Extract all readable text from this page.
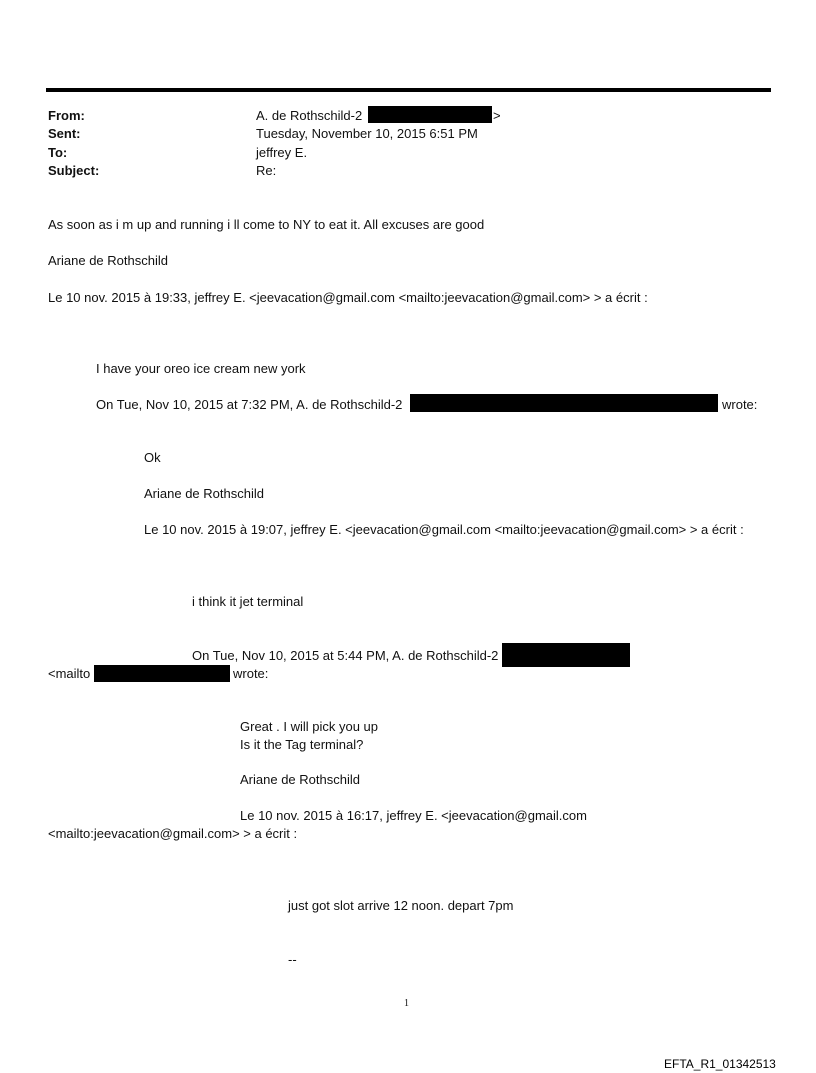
From:	A. de Rothschild-2	>
Sent:	Tuesday, November 10, 2015 6:51 PM
To:	jeffrey E.
Subject:	Re:
As soon as i m up and running i ll come to NY to eat it. All excuses are good
Ariane de Rothschild
Le 10 nov. 2015 à 19:33, jeffrey E. <jeevacation@gmail.com <mailto:jeevacation@gmail.com> > a écrit :
I have your oreo ice cream new york
On Tue, Nov 10, 2015 at 7:32 PM, A. de Rothschild-2	wrote:
Ok
Ariane de Rothschild
Le 10 nov. 2015 à 19:07, jeffrey E. <jeevacation@gmail.com <mailto:jeevacation@gmail.com> > a écrit :
i think it jet terminal
On Tue, Nov 10, 2015 at 5:44 PM, A. de Rothschild-2
<mailto	wrote:
Great . I will pick you up
Is it the Tag terminal?
Ariane de Rothschild
Le 10 nov. 2015 à 16:17, jeffrey E. <jeevacation@gmail.com
<mailto:jeevacation@gmail.com> > a écrit :
just got slot arrive 12 noon. depart 7pm
--
1
EFTA_R1_01342513
